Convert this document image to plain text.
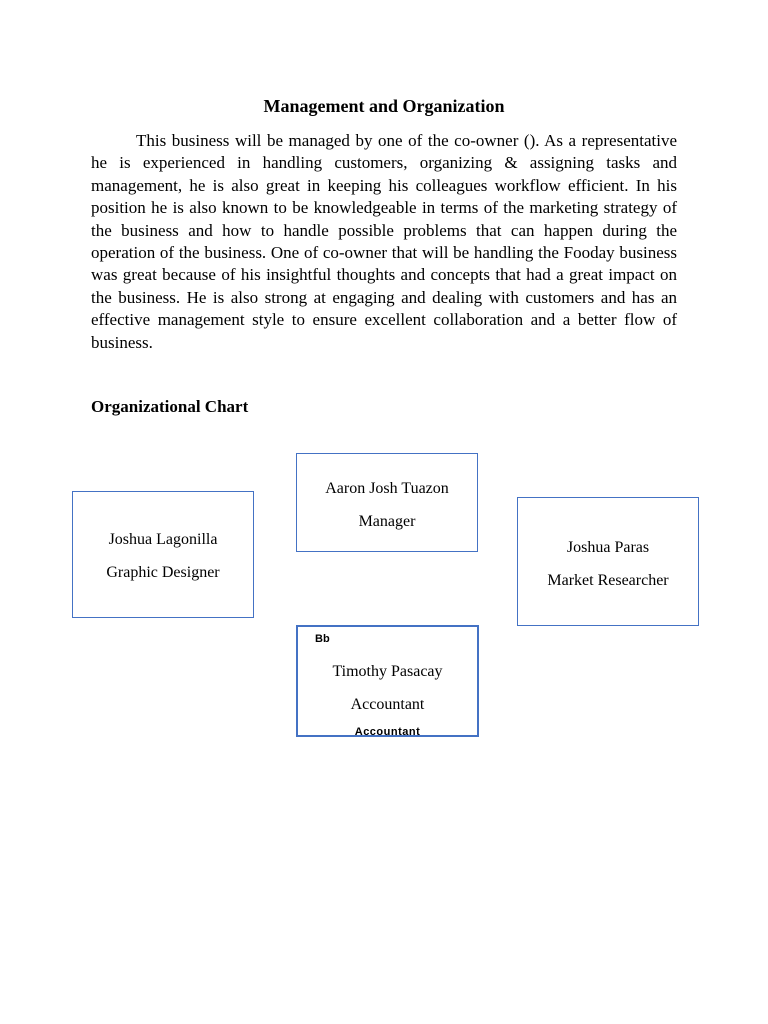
Management and Organization

This business will be managed by one of the co-owner (). As a representative he is experienced in handling customers, organizing & assigning tasks and management, he is also great in keeping his colleagues workflow efficient. In his position he is also known to be knowledgeable in terms of the marketing strategy of the business and how to handle possible problems that can happen during the operation of the business. One of co-owner that will be handling the Fooday business was great because of his insightful thoughts and concepts that had a great impact on the business. He is also strong at engaging and dealing with customers and has an effective management style to ensure excellent collaboration and a better flow of business.

Organizational Chart
Aaron Josh Tuazon
Manager
Joshua Lagonilla
Graphic Designer
Joshua Paras
Market Researcher
Bb
Timothy Pasacay
Accountant
Accountant
